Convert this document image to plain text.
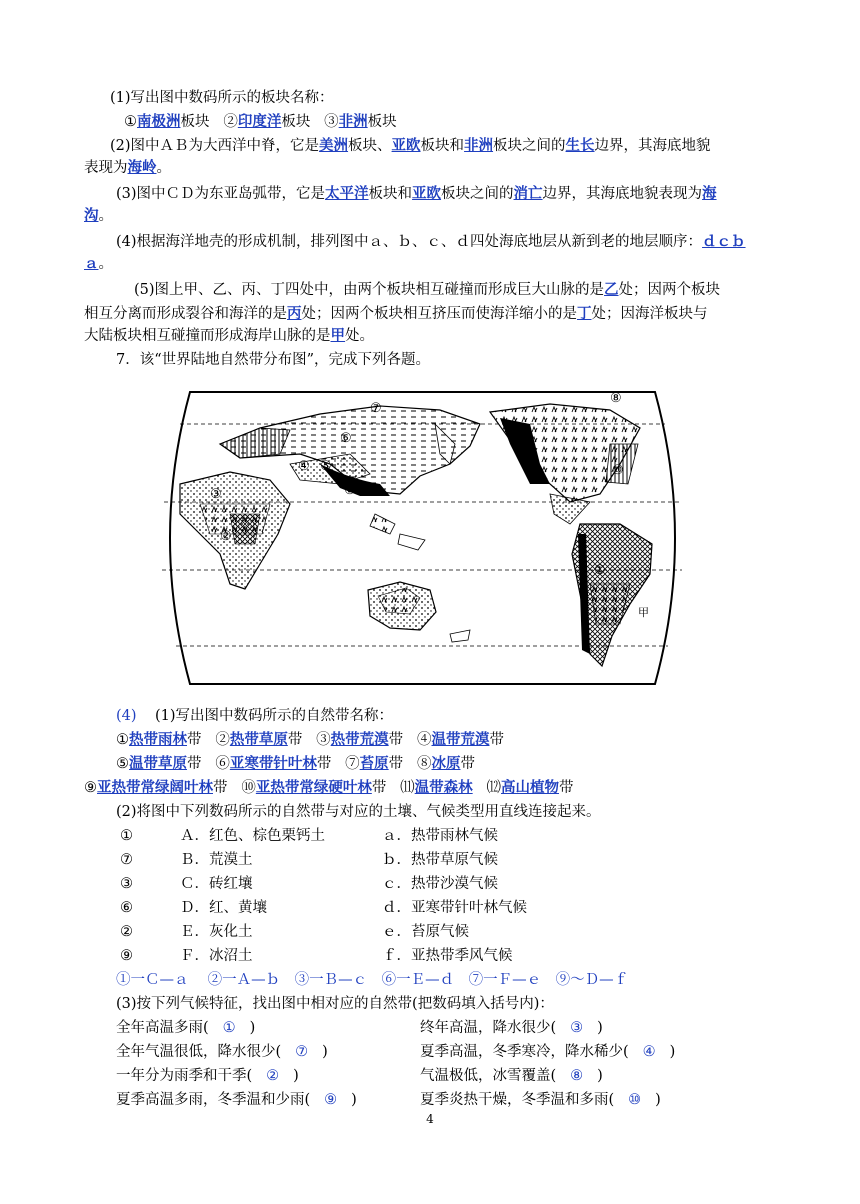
(1)写出图中数码所示的板块名称：
①南极洲板块 ②印度洋板块 ③非洲板块
(2)图中ＡＢ为大西洋中脊，它是美洲板块、亚欧板块和非洲板块之间的生长边界，其海底地貌
表现为海岭。
(3)图中ＣＤ为东亚岛弧带，它是太平洋板块和亚欧板块之间的消亡边界，其海底地貌表现为海
沟。
(4)根据海洋地壳的形成机制，排列图中ａ、ｂ、ｃ、ｄ四处海底地层从新到老的地层顺序：ｄｃｂ
ａ。
(5)图上甲、乙、丙、丁四处中，由两个板块相互碰撞而形成巨大山脉的是乙处；因两个板块
相互分离而形成裂谷和海洋的是丙处；因两个板块相互挤压而使海洋缩小的是丁处；因海洋板块与
大陆板块相互碰撞而形成海岸山脉的是甲处。
7．该“世界陆地自然带分布图”，完成下列各题。
⑦
⑥
③
④ ⑤
⑨
②
⑧
⑩
①
甲
(4) (1)写出图中数码所示的自然带名称：
①热带雨林带 ②热带草原带 ③热带荒漠带 ④温带荒漠带
⑤温带草原带 ⑥亚寒带针叶林带 ⑦苔原带 ⑧冰原带
⑨亚热带常绿阔叶林带 ⑩亚热带常绿硬叶林带 ⑾温带森林 ⑿高山植物带
(2)将图中下列数码所示的自然带与对应的土壤、气候类型用直线连接起来。
①	Ａ．红色、棕色栗钙土	ａ．热带雨林气候
⑦	Ｂ．荒漠土	ｂ．热带草原气候
③	Ｃ．砖红壤	ｃ．热带沙漠气候
⑥	Ｄ．红、黄壤	ｄ．亚寒带针叶林气候
②	Ｅ．灰化土	ｅ．苔原气候
⑨	Ｆ．冰沼土	ｆ．亚热带季风气候
①一Ｃ—ａ　 ②一Ａ—ｂ　③一Ｂ—ｃ　⑥一Ｅ—ｄ　⑦一Ｆ—ｅ　⑨～Ｄ—ｆ
(3)按下列气候特征，找出图中相对应的自然带(把数码填入括号内)：
全年高温多雨( ① )	终年高温，降水很少( ③ )
全年气温很低，降水很少( ⑦ )	夏季高温，冬季寒冷，降水稀少( ④ )
一年分为雨季和干季( ② )	气温极低，冰雪覆盖( ⑧ )
夏季高温多雨，冬季温和少雨( ⑨ )	夏季炎热干燥，冬季温和多雨( ⑩ )
4
